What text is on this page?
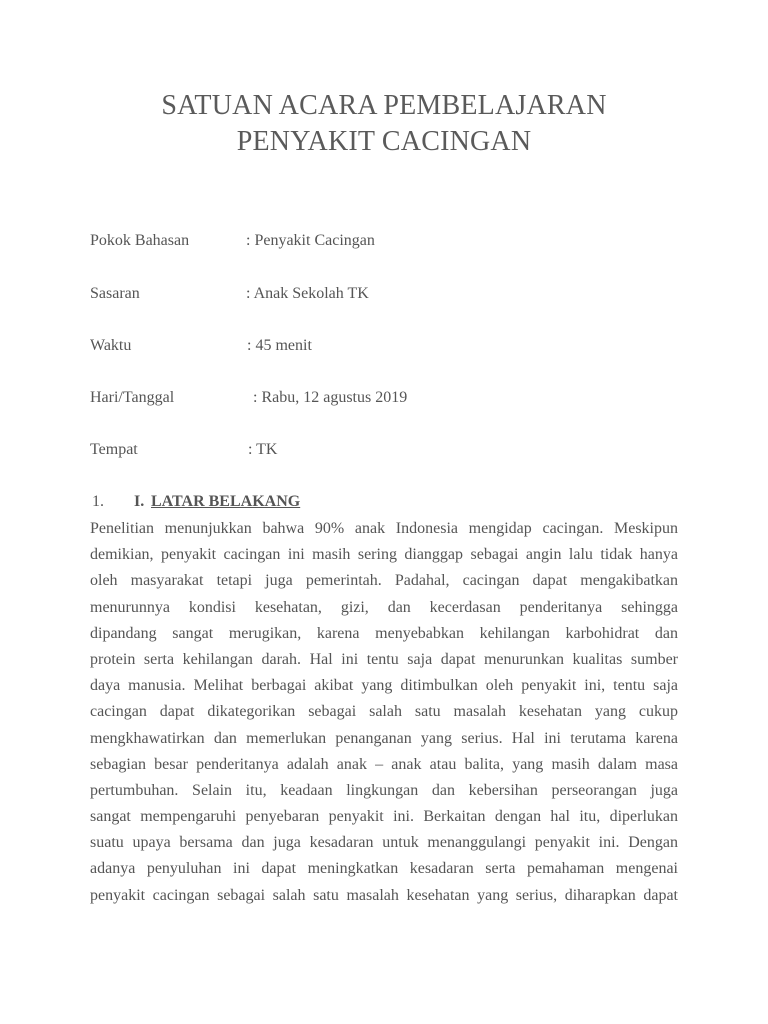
SATUAN ACARA PEMBELAJARAN
PENYAKIT CACINGAN
Pokok Bahasan	: Penyakit Cacingan
Sasaran	: Anak Sekolah TK
Waktu	: 45 menit
Hari/Tanggal	: Rabu, 12 agustus 2019
Tempat	: TK
1. I. LATAR BELAKANG
Penelitian menunjukkan bahwa 90% anak Indonesia mengidap cacingan. Meskipun
demikian, penyakit cacingan ini masih sering dianggap sebagai angin lalu tidak hanya
oleh masyarakat tetapi juga pemerintah. Padahal, cacingan dapat mengakibatkan
menurunnya kondisi kesehatan, gizi, dan kecerdasan penderitanya sehingga
dipandang sangat merugikan, karena menyebabkan kehilangan karbohidrat dan
protein serta kehilangan darah. Hal ini tentu saja dapat menurunkan kualitas sumber
daya manusia. Melihat berbagai akibat yang ditimbulkan oleh penyakit ini, tentu saja
cacingan dapat dikategorikan sebagai salah satu masalah kesehatan yang cukup
mengkhawatirkan dan memerlukan penanganan yang serius. Hal ini terutama karena
sebagian besar penderitanya adalah anak – anak atau balita, yang masih dalam masa
pertumbuhan. Selain itu, keadaan lingkungan dan kebersihan perseorangan juga
sangat mempengaruhi penyebaran penyakit ini. Berkaitan dengan hal itu, diperlukan
suatu upaya bersama dan juga kesadaran untuk menanggulangi penyakit ini. Dengan
adanya penyuluhan ini dapat meningkatkan kesadaran serta pemahaman mengenai
penyakit cacingan sebagai salah satu masalah kesehatan yang serius, diharapkan dapat
